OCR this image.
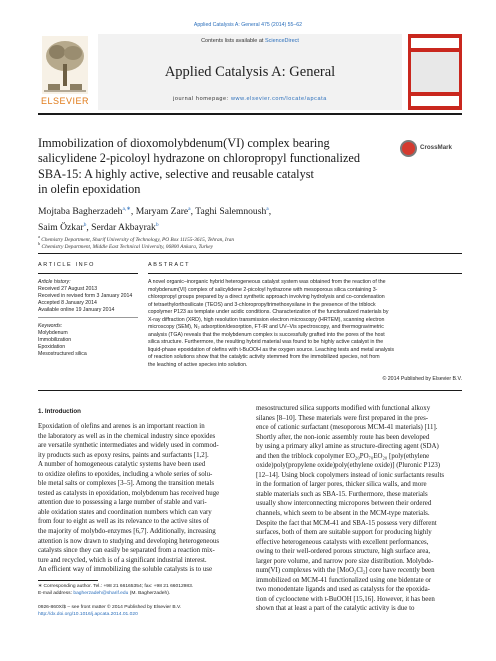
Applied Catalysis A: General 475 (2014) 55–62
ELSEVIER
Contents lists available at ScienceDirect
Applied Catalysis A: General
journal homepage: www.elsevier.com/locate/apcata
Immobilization of dioxomolybdenum(VI) complex bearing
salicylidene 2-picoloyl hydrazone on chloropropyl functionalized
SBA-15: A highly active, selective and reusable catalyst
in olefin epoxidation
CrossMark
Mojtaba Bagherzadeh$^{a,∗}$, Maryam Zare$^a$, Taghi Salemnoush$^a$,
Saim Özkar$^b$, Serdar Akbayrak$^b$
$^a$ Chemistry Department, Sharif University of Technology, PO Box 11155-3615, Tehran, Iran
$^b$ Chemistry Department, Middle East Technical University, 06800 Ankara, Turkey
ARTICLE INFO	ABSTRACT
Article history:
Received 27 August 2013
Received in revised form 3 January 2014
Accepted 8 January 2014
Available online 19 January 2014
Keywords:
Molybdenum
Immobilization
Epoxidation
Mesostructured silica
A novel organic–inorganic hybrid heterogeneous catalyst system was obtained from the reaction of the
molybdenum(VI) complex of salicylidene 2-picoloyl hydrazone with mesoporous silica containing 3-
chloropropyl groups prepared by a direct synthetic approach involving hydrolysis and co-condensation
of tetraethylorthosilicate (TEOS) and 3-chloropropyltrimethoxysilane in the presence of the triblock
copolymer P123 as template under acidic conditions. Characterization of the functionalized materials by
X-ray diffraction (XRD), high resolution transmission electron microscopy (HRTEM), scanning electron
microscopy (SEM), N₂ adsorption/desorption, FT-IR and UV–Vis spectroscopy, and thermogravimetric
analysis (TGA) reveals that the molybdenum complex is successfully grafted into the pores of the host
silica structure. Furthermore, the resulting hybrid material was found to be highly active catalyst in the
liquid-phase epoxidation of olefins with t-BuOOH as the oxygen source. Leaching tests and metal analysis
of reaction solutions show that the catalytic activity stemmed from the immobilized species, not from
the leaching of active species into solution.
© 2014 Published by Elsevier B.V.
1. Introduction
Epoxidation of olefins and arenes is an important reaction in
the laboratory as well as in the chemical industry since epoxides
are versatile synthetic intermediates and widely used in commod-
ity products such as epoxy resins, paints and surfactants [1,2].
A number of homogeneous catalytic systems have been used
to oxidize olefins to epoxides, including a whole series of solu-
ble metal salts or complexes [3–5]. Among the transition metals
tested as catalysts in epoxidation, molybdenum has received huge
attention due to possessing a large number of stable and vari-
able oxidation states and coordination numbers which can vary
from four to eight as well as its relevance to the active sites of
the majority of molybdo-enzymes [6,7]. Additionally, increasing
attention is now drawn to studying and developing heterogeneous
catalysts since they can easily be separated from a reaction mix-
ture and recycled, which is of a significant industrial interest.
An efficient way of immobilizing the soluble catalysts is to use
∗ Corresponding author. Tel.: +98 21 66165354; fax: +98 21 66012983.
E-mail address: bagherzadeh@sharif.edu (M. Bagherzadeh).
0926-860X/$ – see front matter © 2014 Published by Elsevier B.V.
http://dx.doi.org/10.1016/j.apcata.2014.01.020
mesostructured silica supports modified with functional alkoxy
silanes [8–10]. These materials were first prepared in the pres-
ence of cationic surfactant (mesoporous MCM-41 materials) [11].
Shortly after, the non-ionic assembly route has been developed
by using a primary alkyl amine as structure-directing agent (SDA)
and then the triblock copolymer EO₂₀PO₇₀EO₂₀ [poly(ethylene
oxide)poly(propylene oxide)poly(ethylene oxide)] (Pluronic P123)
[12–14]. Using block copolymers instead of ionic surfactants results
in the formation of larger pores, thicker silica walls, and more
stable materials such as SBA-15. Furthermore, these materials
usually show interconnecting micropores between their ordered
channels, which seem to be absent in the MCM-type materials.
Despite the fact that MCM-41 and SBA-15 possess very different
surfaces, both of them are suitable support for producing highly
effective heterogeneous catalysts with excellent performances,
owing to their well-ordered porous structure, high surface area,
larger pore volume, and narrow pore size distribution. Molybde-
num(VI) complexes with the [MoO₂Cl₂] core have recently been
immobilized on MCM-41 functionalized using one bidentate or
two monodentate ligands and used as catalysts for the epoxida-
tion of cyclooctene with t-BuOOH [15,16]. However, it has been
shown that at least a part of the catalytic activity is due to
